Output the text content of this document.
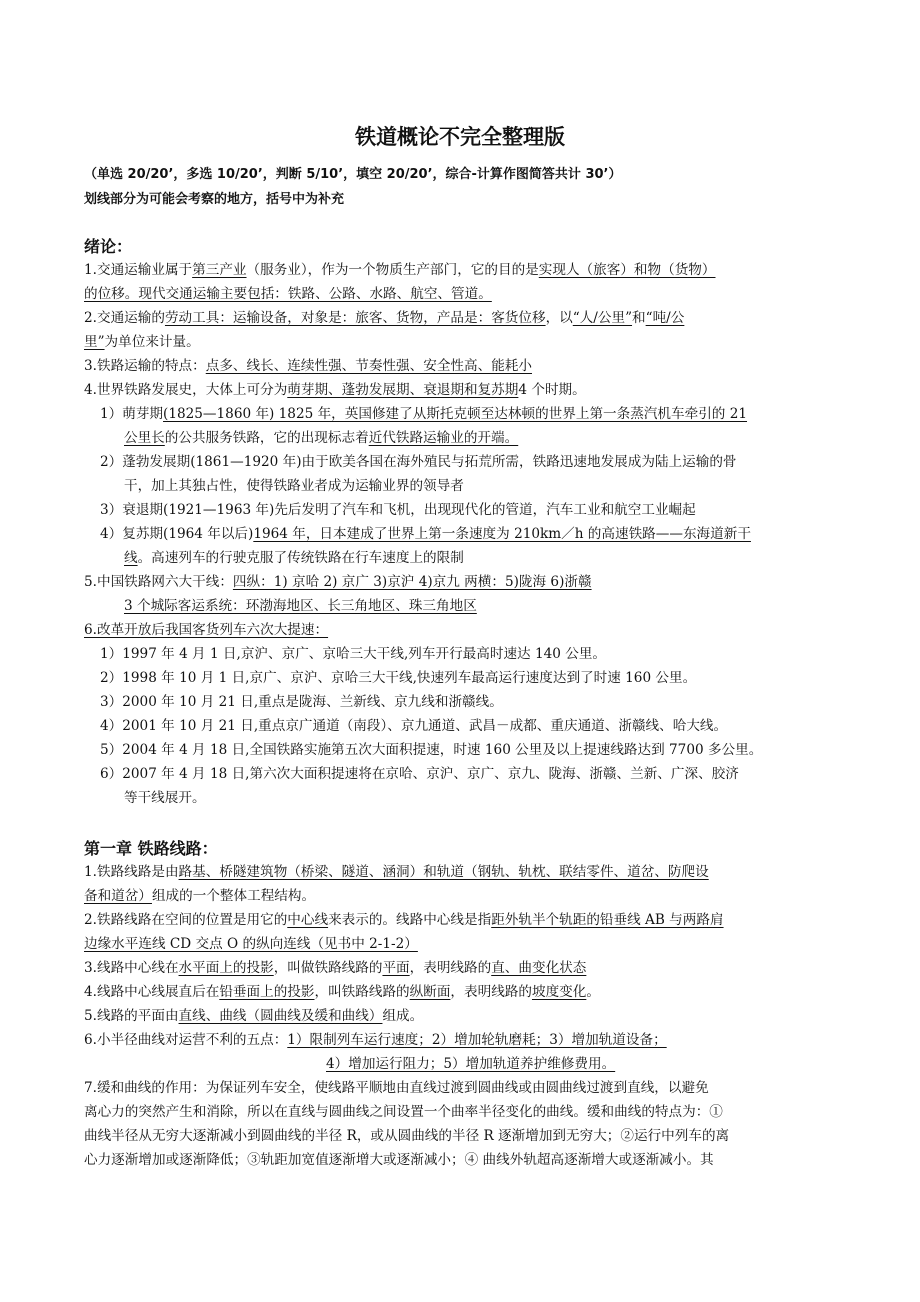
铁道概论不完全整理版

（单选 20/20’，多选 10/20’，判断 5/10’，填空 20/20’，综合-计算作图简答共计 30’）

划线部分为可能会考察的地方，括号中为补充

绪论：

1.交通运输业属于第三产业（服务业），作为一个物质生产部门，它的目的是实现人（旅客）和物（货物）

的位移。现代交通运输主要包括：铁路、公路、水路、航空、管道。

2.交通运输的劳动工具：运输设备，对象是：旅客、货物，产品是：客货位移，以“人/公里”和“吨/公

里”为单位来计量。

3.铁路运输的特点：点多、线长、连续性强、节奏性强、安全性高、能耗小

4.世界铁路发展史，大体上可分为萌芽期、蓬勃发展期、衰退期和复苏期4 个时期。

1）萌芽期(1825—1860 年) 1825 年，英国修建了从斯托克顿至达林顿的世界上第一条蒸汽机车牵引的 21

公里长的公共服务铁路，它的出现标志着近代铁路运输业的开端。

2）蓬勃发展期(1861—1920 年)由于欧美各国在海外殖民与拓荒所需，铁路迅速地发展成为陆上运输的骨

干，加上其独占性，使得铁路业者成为运输业界的领导者

3）衰退期(1921—1963 年)先后发明了汽车和飞机，出现现代化的管道，汽车工业和航空工业崛起

4）复苏期(1964 年以后)1964 年，日本建成了世界上第一条速度为 210km／h 的高速铁路——东海道新干

线。高速列车的行驶克服了传统铁路在行车速度上的限制

5.中国铁路网六大干线：四纵：1) 京哈 2) 京广 3)京沪 4)京九 两横：5)陇海 6)浙赣

3 个城际客运系统：环渤海地区、长三角地区、珠三角地区

6.改革开放后我国客货列车六次大提速：

1）1997 年 4 月 1 日,京沪、京广、京哈三大干线,列车开行最高时速达 140 公里。

2）1998 年 10 月 1 日,京广、京沪、京哈三大干线,快速列车最高运行速度达到了时速 160 公里。

3）2000 年 10 月 21 日,重点是陇海、兰新线、京九线和浙赣线。

4）2001 年 10 月 21 日,重点京广通道（南段）、京九通道、武昌－成都、重庆通道、浙赣线、哈大线。

5）2004 年 4 月 18 日,全国铁路实施第五次大面积提速，时速 160 公里及以上提速线路达到 7700 多公里。

6）2007 年 4 月 18 日,第六次大面积提速将在京哈、京沪、京广、京九、陇海、浙赣、兰新、广深、胶济

等干线展开。

第一章 铁路线路：

1.铁路线路是由路基、桥隧建筑物（桥梁、隧道、涵洞）和轨道（钢轨、轨枕、联结零件、道岔、防爬设

备和道岔）组成的一个整体工程结构。

2.铁路线路在空间的位置是用它的中心线来表示的。线路中心线是指距外轨半个轨距的铅垂线 AB 与两路肩

边缘水平连线 CD 交点 O 的纵向连线（见书中 2-1-2）

3.线路中心线在水平面上的投影，叫做铁路线路的平面，表明线路的直、曲变化状态

4.线路中心线展直后在铅垂面上的投影，叫铁路线路的纵断面，表明线路的坡度变化。

5.线路的平面由直线、曲线（圆曲线及缓和曲线）组成。

6.小半径曲线对运营不利的五点：1）限制列车运行速度；2）增加轮轨磨耗；3）增加轨道设备；

4）增加运行阻力；5）增加轨道养护维修费用。

7.缓和曲线的作用：为保证列车安全，使线路平顺地由直线过渡到圆曲线或由圆曲线过渡到直线，以避免

离心力的突然产生和消除，所以在直线与圆曲线之间设置一个曲率半径变化的曲线。缓和曲线的特点为：①

曲线半径从无穷大逐渐减小到圆曲线的半径 R，或从圆曲线的半径 R 逐渐增加到无穷大；②运行中列车的离

心力逐渐增加或逐渐降低；③轨距加宽值逐渐增大或逐渐减小；④ 曲线外轨超高逐渐增大或逐渐减小。其
